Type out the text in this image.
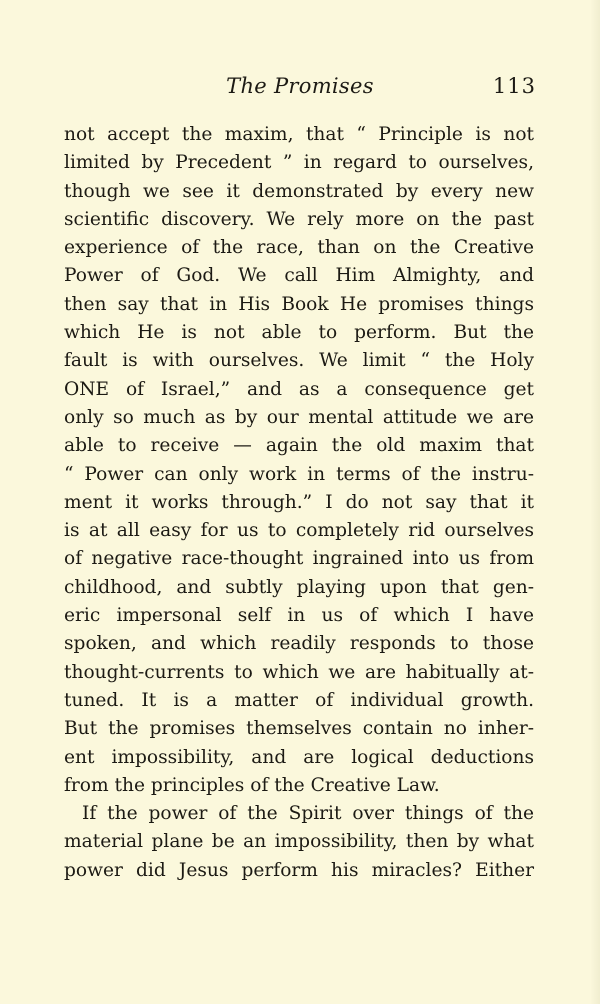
The Promises	113
not accept the maxim, that “ Principle is not
limited by Precedent ” in regard to ourselves,
though we see it demonstrated by every new
scientific discovery. We rely more on the past
experience of the race, than on the Creative
Power of God. We call Him Almighty, and
then say that in His Book He promises things
which He is not able to perform. But the
fault is with ourselves. We limit “ the Holy
ONE of Israel,” and as a consequence get
only so much as by our mental attitude we are
able to receive — again the old maxim that
“ Power can only work in terms of the instru-
ment it works through.” I do not say that it
is at all easy for us to completely rid ourselves
of negative race-thought ingrained into us from
childhood, and subtly playing upon that gen-
eric impersonal self in us of which I have
spoken, and which readily responds to those
thought-currents to which we are habitually at-
tuned. It is a matter of individual growth.
But the promises themselves contain no inher-
ent impossibility, and are logical deductions
from the principles of the Creative Law.
If the power of the Spirit over things of the
material plane be an impossibility, then by what
power did Jesus perform his miracles? Either
